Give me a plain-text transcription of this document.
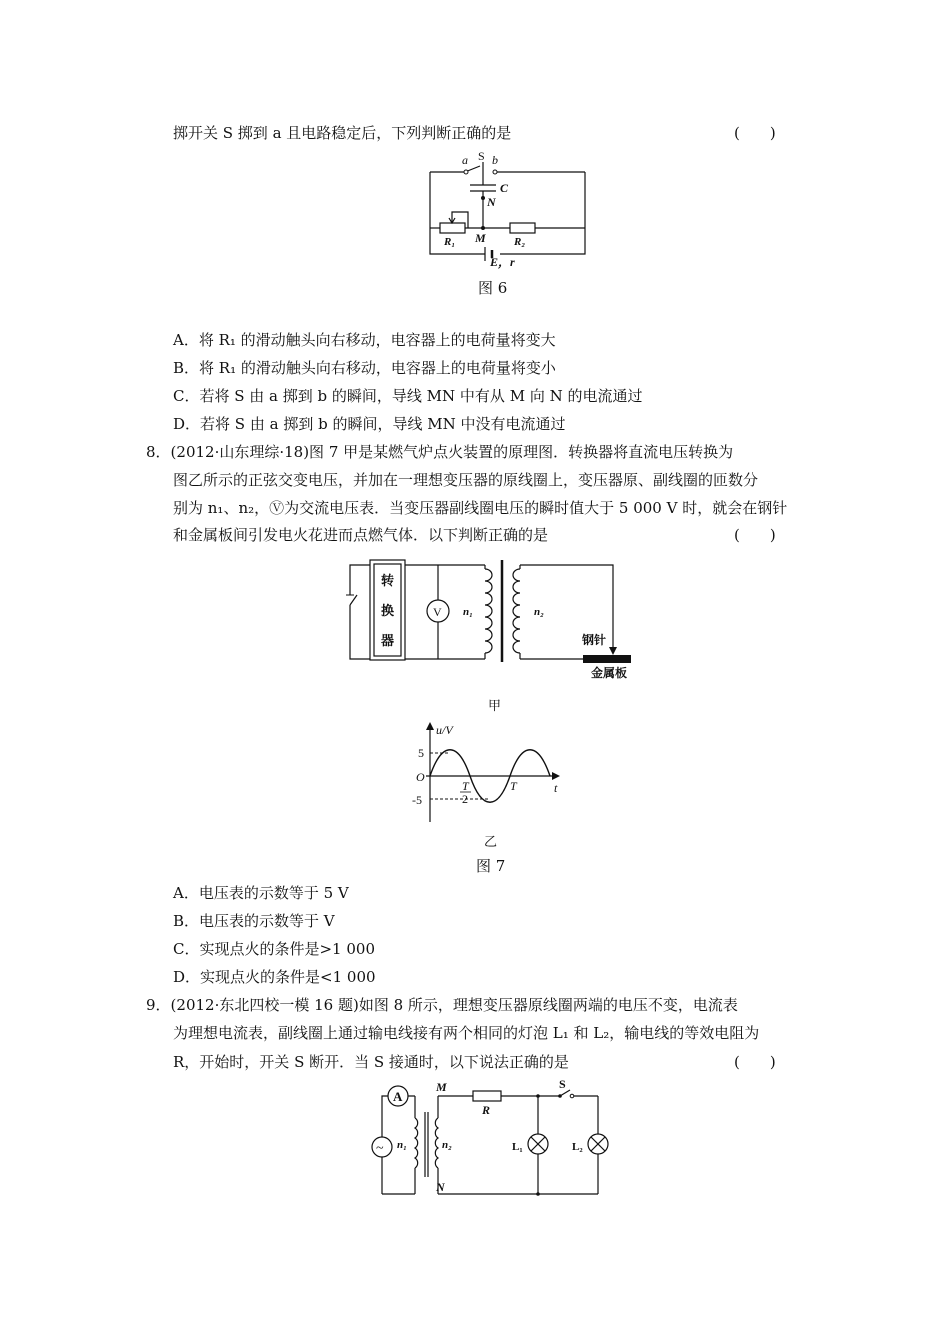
掷开关 S 掷到 a 且电路稳定后，下列判断正确的是	(　　)
a S b
C
N
M
R₁	R₂
E，r
图 6
A．将 R₁ 的滑动触头向右移动，电容器上的电荷量将变大
B．将 R₁ 的滑动触头向右移动，电容器上的电荷量将变小
C．若将 S 由 a 掷到 b 的瞬间，导线 MN 中有从 M 向 N 的电流通过
D．若将 S 由 a 掷到 b 的瞬间，导线 MN 中没有电流通过
8．(2012·山东理综·18)图 7 甲是某燃气炉点火装置的原理图．转换器将直流电压转换为
图乙所示的正弦交变电压，并加在一理想变压器的原线圈上，变压器原、副线圈的匝数分
别为 n₁、n₂，Ⓥ为交流电压表．当变压器副线圈电压的瞬时值大于 5 000 V 时，就会在钢针
和金属板间引发电火花进而点燃气体．以下判断正确的是	(　　)
转
换
器
V n₁	n₂
钢针
金属板
甲
u/V
5
-5
O
T
2
T	t
乙
图 7
A．电压表的示数等于 5 V
B．电压表的示数等于 V
C．实现点火的条件是>1 000
D．实现点火的条件是<1 000
9．(2012·东北四校一模 16 题)如图 8 所示，理想变压器原线圈两端的电压不变，电流表
为理想电流表，副线圈上通过输电线接有两个相同的灯泡 L₁ 和 L₂，输电线的等效电阻为
R，开始时，开关 S 断开．当 S 接通时，以下说法正确的是	(　　)
A
~ n₁	n₂
M
N
R
S
L₁	L₂
